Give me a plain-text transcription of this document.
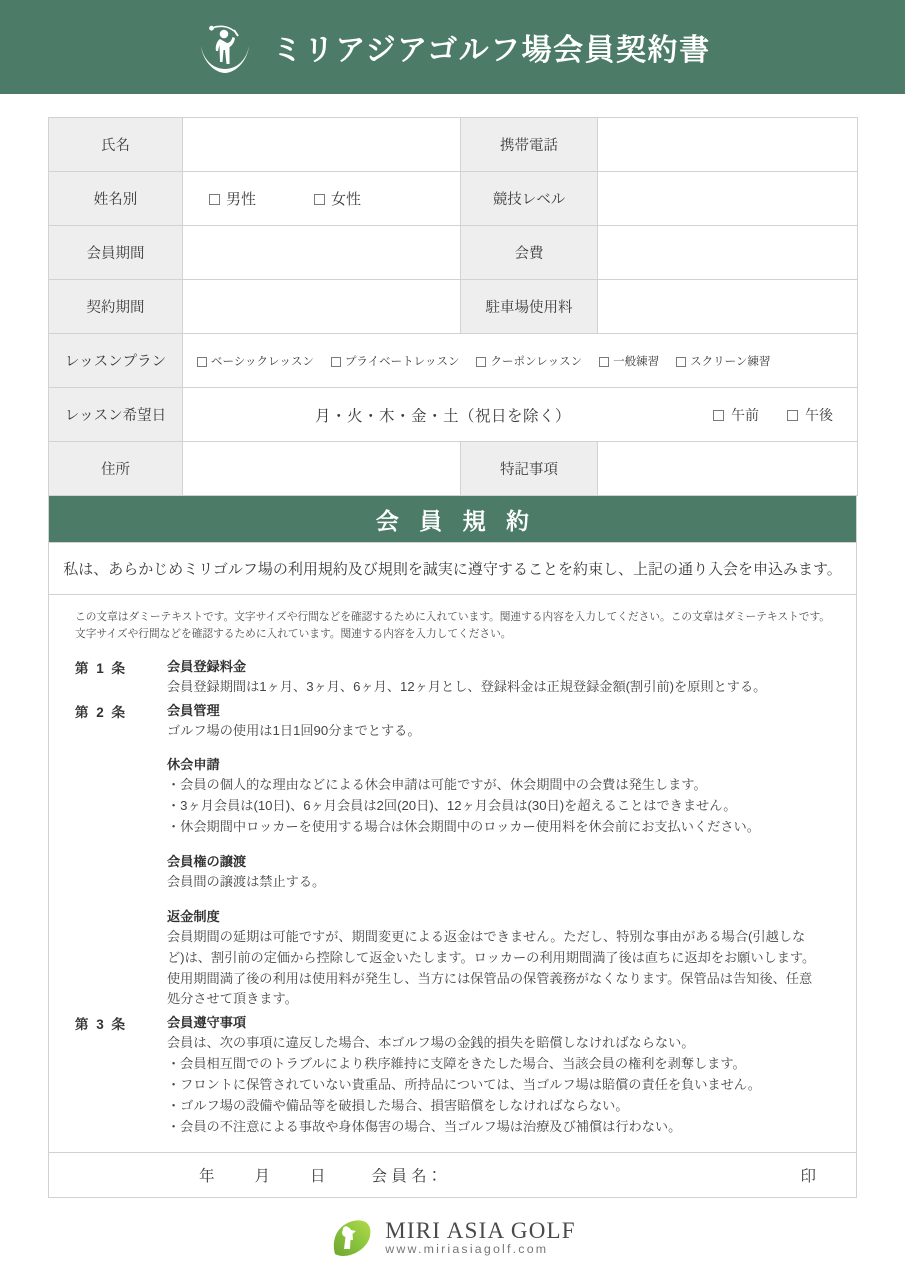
ミリアジアゴルフ場会員契約書
氏名		携帯電話	
姓名別	男性 女性	競技レベル	
会員期間		会費	
契約期間		駐車場使用料	
レッスンプラン	ベーシックレッスン プライベートレッスン クーポンレッスン 一般練習 スクリーン練習		

レッスン希望日	月・火・木・金・土（祝日を除く） 午前 午後		

住所		特記事項	
会 員 規 約
私は、あらかじめミリゴルフ場の利用規約及び規則を誠実に遵守することを約束し、上記の通り入会を申込みます。

この文章はダミーテキストです。文字サイズや行間などを確認するために入れています。関連する内容を入力してください。この文章はダミーテキストです。文字サイズや行間などを確認するために入れています。関連する内容を入力してください。

第 1 条	会員登録料金
会員登録期間は1ヶ月、3ヶ月、6ヶ月、12ヶ月とし、登録料金は正規登録金額(割引前)を原則とする。
第 2 条	会員管理
ゴルフ場の使用は1日1回90分までとする。
休会申請
・会員の個人的な理由などによる休会申請は可能ですが、休会期間中の会費は発生します。
・3ヶ月会員は(10日)、6ヶ月会員は2回(20日)、12ヶ月会員は(30日)を超えることはできません。
・休会期間中ロッカーを使用する場合は休会期間中のロッカー使用料を休会前にお支払いください。
会員権の譲渡
会員間の譲渡は禁止する。
返金制度
会員期間の延期は可能ですが、期間変更による返金はできません。ただし、特別な事由がある場合(引越しな
ど)は、割引前の定価から控除して返金いたします。ロッカーの利用期間満了後は直ちに返却をお願いします。
使用期間満了後の利用は使用料が発生し、当方には保管品の保管義務がなくなります。保管品は告知後、任意
処分させて頂きます。
第 3 条	会員遵守事項
会員は、次の事項に違反した場合、本ゴルフ場の金銭的損失を賠償しなければならない。
・会員相互間でのトラブルにより秩序維持に支障をきたした場合、当該会員の権利を剥奪します。
・フロントに保管されていない貴重品、所持品については、当ゴルフ場は賠償の責任を負いません。
・ゴルフ場の設備や備品等を破損した場合、損害賠償をしなければならない。
・会員の不注意による事故や身体傷害の場合、当ゴルフ場は治療及び補償は行わない。
年	月	日	会 員 名：	印
MIRI ASIA GOLF
www.miriasiagolf.com
